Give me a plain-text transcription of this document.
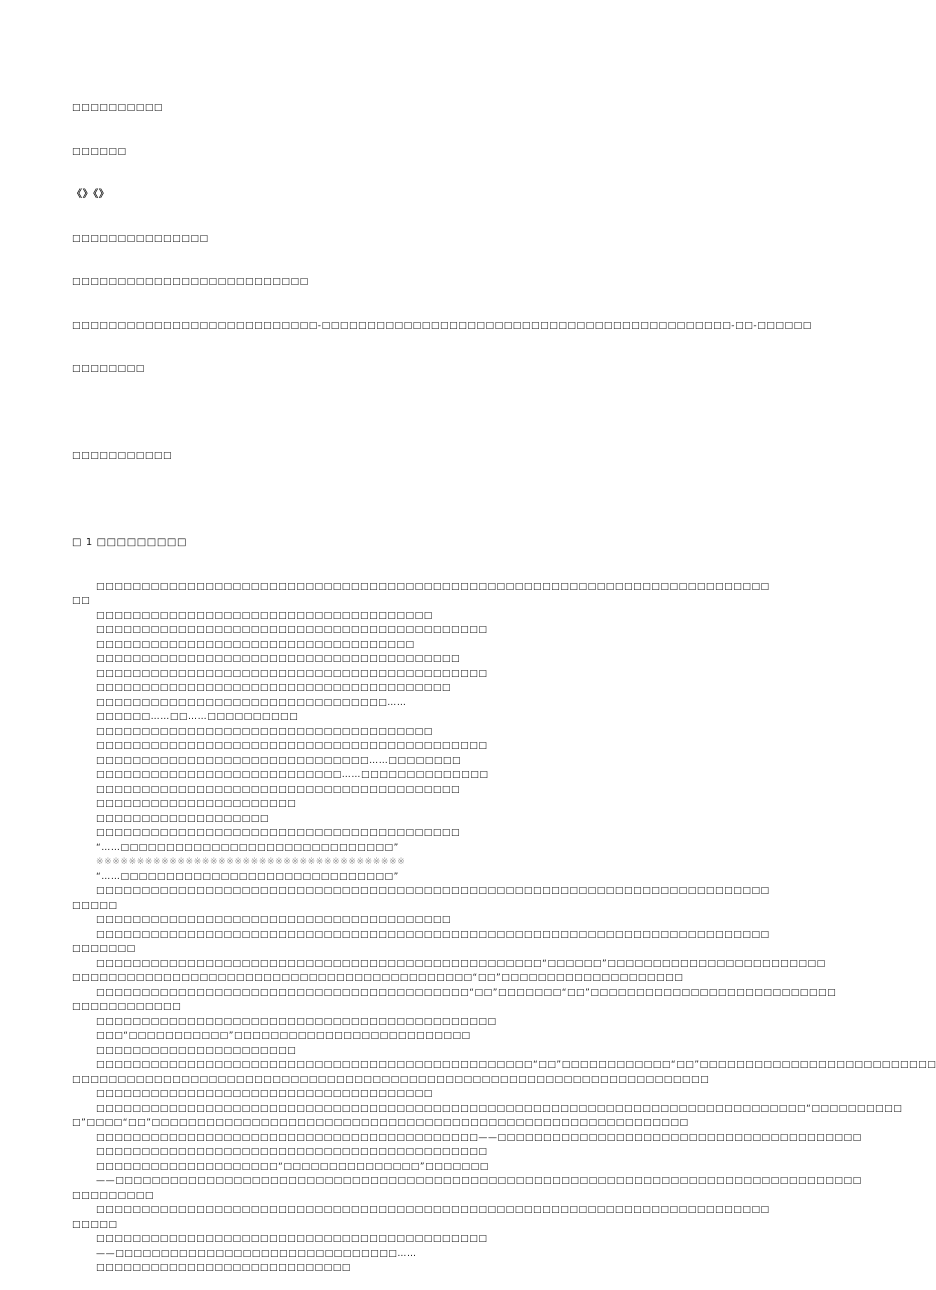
□□□□□□□□□□

□□□□□□

《》《》

□□□□□□□□□□□□□□□

□□□□□□□□□□□□□□□□□□□□□□□□□□

□□□□□□□□□□□□□□□□□□□□□□□□□□□-□□□□□□□□□□□□□□□□□□□□□□□□□□□□□□□□□□□□□□□□□□□□□-□□-□□□□□□

□□□□□□□□

□□□□□□□□□□□

□ 1 □□□□□□□□□

□□□□□□□□□□□□□□□□□□□□□□□□□□□□□□□□□□□□□□□□□□□□□□□□□□□□□□□□□□□□□□□□□□□□□□□□□□
□□
□□□□□□□□□□□□□□□□□□□□□□□□□□□□□□□□□□□□□
□□□□□□□□□□□□□□□□□□□□□□□□□□□□□□□□□□□□□□□□□□□
□□□□□□□□□□□□□□□□□□□□□□□□□□□□□□□□□□□
□□□□□□□□□□□□□□□□□□□□□□□□□□□□□□□□□□□□□□□□
□□□□□□□□□□□□□□□□□□□□□□□□□□□□□□□□□□□□□□□□□□□
□□□□□□□□□□□□□□□□□□□□□□□□□□□□□□□□□□□□□□□
□□□□□□□□□□□□□□□□□□□□□□□□□□□□□□□□……
□□□□□□……□□……□□□□□□□□□□
□□□□□□□□□□□□□□□□□□□□□□□□□□□□□□□□□□□□□
□□□□□□□□□□□□□□□□□□□□□□□□□□□□□□□□□□□□□□□□□□□
□□□□□□□□□□□□□□□□□□□□□□□□□□□□□□……□□□□□□□□
□□□□□□□□□□□□□□□□□□□□□□□□□□□……□□□□□□□□□□□□□□
□□□□□□□□□□□□□□□□□□□□□□□□□□□□□□□□□□□□□□□□
□□□□□□□□□□□□□□□□□□□□□□
□□□□□□□□□□□□□□□□□□□
□□□□□□□□□□□□□□□□□□□□□□□□□□□□□□□□□□□□□□□□
“……□□□□□□□□□□□□□□□□□□□□□□□□□□□□□□”
※※※※※※※※※※※※※※※※※※※※※※※※※※※※※※※※※※※※※※
“……□□□□□□□□□□□□□□□□□□□□□□□□□□□□□□”
□□□□□□□□□□□□□□□□□□□□□□□□□□□□□□□□□□□□□□□□□□□□□□□□□□□□□□□□□□□□□□□□□□□□□□□□□□
□□□□□
□□□□□□□□□□□□□□□□□□□□□□□□□□□□□□□□□□□□□□□
□□□□□□□□□□□□□□□□□□□□□□□□□□□□□□□□□□□□□□□□□□□□□□□□□□□□□□□□□□□□□□□□□□□□□□□□□□
□□□□□□□
□□□□□□□□□□□□□□□□□□□□□□□□□□□□□□□□□□□□□□□□□□□□□□□□□“□□□□□□”□□□□□□□□□□□□□□□□□□□□□□□□
□□□□□□□□□□□□□□□□□□□□□□□□□□□□□□□□□□□□□□□□□□□□“□□”□□□□□□□□□□□□□□□□□□□□
□□□□□□□□□□□□□□□□□□□□□□□□□□□□□□□□□□□□□□□□□“□□”□□□□□□□“□□”□□□□□□□□□□□□□□□□□□□□□□□□□□□
□□□□□□□□□□□□
□□□□□□□□□□□□□□□□□□□□□□□□□□□□□□□□□□□□□□□□□□□□
□□□“□□□□□□□□□□□”□□□□□□□□□□□□□□□□□□□□□□□□□□
□□□□□□□□□□□□□□□□□□□□□□
□□□□□□□□□□□□□□□□□□□□□□□□□□□□□□□□□□□□□□□□□□□□□□□□“□□”□□□□□□□□□□□□“□□”□□□□□□□□□□□□□□□□□□□□□□□□□□
□□□□□□□□□□□□□□□□□□□□□□□□□□□□□□□□□□□□□□□□□□□□□□□□□□□□□□□□□□□□□□□□□□□□□□
□□□□□□□□□□□□□□□□□□□□□□□□□□□□□□□□□□□□□
□□□□□□□□□□□□□□□□□□□□□□□□□□□□□□□□□□□□□□□□□□□□□□□□□□□□□□□□□□□□□□□□□□□□□□□□□□□□□□“□□□□□□□□□□
□”□□□□“□□”□□□□□□□□□□□□□□□□□□□□□□□□□□□□□□□□□□□□□□□□□□□□□□□□□□□□□□□□□□□
□□□□□□□□□□□□□□□□□□□□□□□□□□□□□□□□□□□□□□□□□□——□□□□□□□□□□□□□□□□□□□□□□□□□□□□□□□□□□□□□□□□
□□□□□□□□□□□□□□□□□□□□□□□□□□□□□□□□□□□□□□□□□□□
□□□□□□□□□□□□□□□□□□□□“□□□□□□□□□□□□□□□”□□□□□□□
——□□□□□□□□□□□□□□□□□□□□□□□□□□□□□□□□□□□□□□□□□□□□□□□□□□□□□□□□□□□□□□□□□□□□□□□□□□□□□□□□□□
□□□□□□□□□
□□□□□□□□□□□□□□□□□□□□□□□□□□□□□□□□□□□□□□□□□□□□□□□□□□□□□□□□□□□□□□□□□□□□□□□□□□
□□□□□
□□□□□□□□□□□□□□□□□□□□□□□□□□□□□□□□□□□□□□□□□□□
——□□□□□□□□□□□□□□□□□□□□□□□□□□□□□□□……
□□□□□□□□□□□□□□□□□□□□□□□□□□□□
